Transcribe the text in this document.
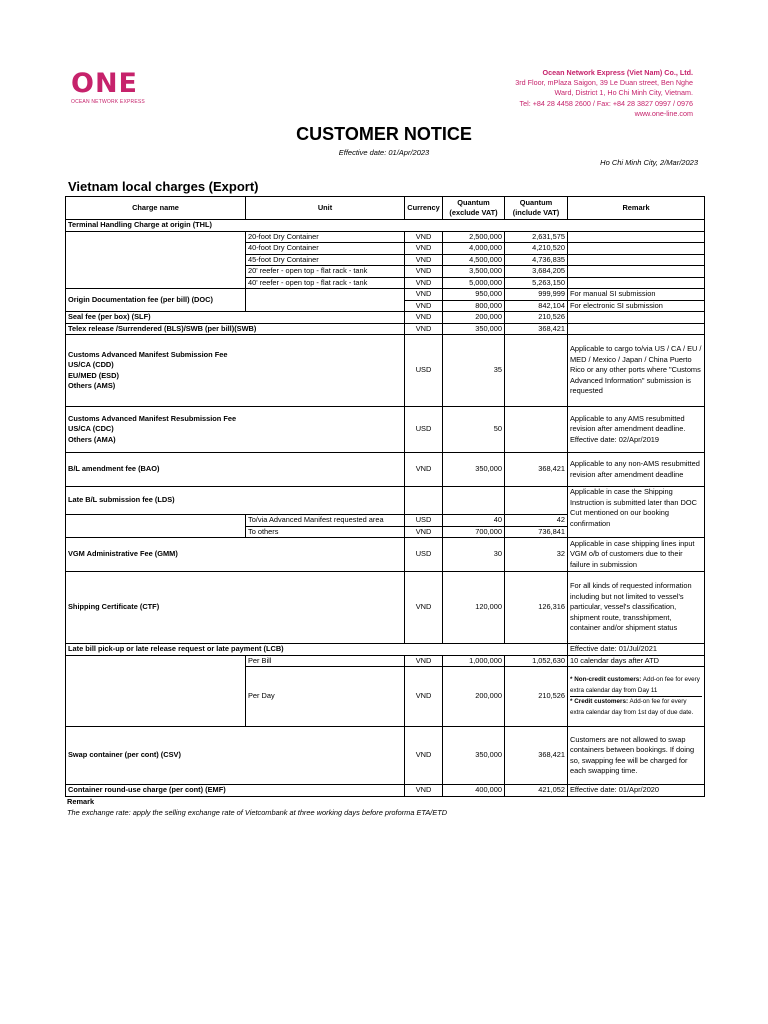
ONE
OCEAN NETWORK EXPRESS
Ocean Network Express (Viet Nam) Co., Ltd.
3rd Floor, mPlaza Saigon, 39 Le Duan street, Ben Nghe
Ward, District 1, Ho Chi Minh City, Vietnam.
Tel: +84 28 4458 2600 / Fax: +84 28 3827 0997 / 0976
www.one-line.com
CUSTOMER NOTICE
Effective date: 01/Apr/2023
Ho Chi Minh City, 2/Mar/2023
Vietnam local charges (Export)
Charge name	Unit	Currency	Quantum (exclude VAT)	Quantum (include VAT)	Remark
Terminal Handling Charge at origin (THL)					
	20-foot Dry Container	VND	2,500,000	2,631,575	
	40-foot Dry Container	VND	4,000,000	4,210,520	
	45-foot Dry Container	VND	4,500,000	4,736,835	
	20' reefer - open top - flat rack - tank	VND	3,500,000	3,684,205	
	40' reefer - open top - flat rack - tank	VND	5,000,000	5,263,150	
Origin Documentation fee (per bill) (DOC)		VND	950,000	999,999	For manual SI submission
		VND	800,000	842,104	For electronic SI submission
Seal fee (per box) (SLF)		VND	200,000	210,526	
Telex release /Surrendered (BLS)/SWB (per bill)(SWB)		VND	350,000	368,421	

Customs Advanced Manifest Submission Fee
US/CA (CDD)
EU/MED (ESD)
Others (AMS)		USD	35		Applicable to cargo to/via US / CA / EU / MED / Mexico / Japan / China Puerto Rico or any other ports where "Customs Advanced Information" submission is requested

Customs Advanced Manifest Resubmission Fee
US/CA (CDC)
Others (AMA)		USD	50		Applicable to any AMS resubmitted revision after amendment deadline. Effective date: 02/Apr/2019
B/L amendment fee (BAO)		VND	350,000	368,421	Applicable to any non-AMS resubmitted revision after amendment deadline
Late B/L submission fee (LDS)					Applicable in case the Shipping Instruction is submitted later than DOC Cut mentioned on our booking confirmation
	To/via Advanced Manifest requested area	USD	40	42	
	To others	VND	700,000	736,841	
VGM Administrative Fee (GMM)		USD	30	32	Applicable in case shipping lines input VGM o/b of customers due to their failure in submission
Shipping Certificate (CTF)		VND	120,000	126,316	For all kinds of requested information including but not limited to vessel's particular, vessel's classification, shipment route, transshipment, container and/or shipment status
Late bill pick-up or late release request or late payment (LCB)					Effective date: 01/Jul/2021
	Per Bill	VND	1,000,000	1,052,630	10 calendar days after ATD
	Per Day	VND	200,000	210,526	* Non-credit customers: Add-on fee for every extra calendar day from Day 11
* Credit customers: Add-on fee for every extra calendar day from 1st day of due date.

Swap container (per cont) (CSV)		VND	350,000	368,421	Customers are not allowed to swap containers between bookings. If doing so, swapping fee will be charged for each swapping time.
Container round-use charge (per cont) (EMF)		VND	400,000	421,052	Effective date: 01/Apr/2020
Remark
The exchange rate: apply the selling exchange rate of Vietcombank at three working days before proforma ETA/ETD
